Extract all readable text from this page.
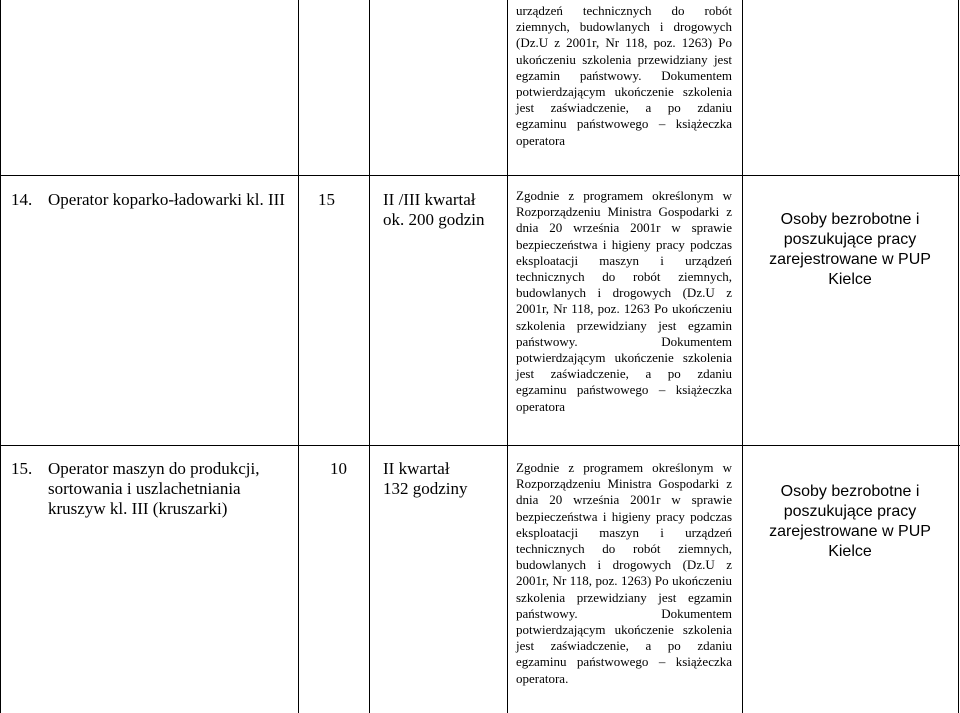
urządzeń technicznych do robót ziemnych, budowlanych i drogowych (Dz.U z 2001r, Nr 118, poz. 1263) Po ukończeniu szkolenia przewidziany jest egzamin państwowy. Dokumentem potwierdzającym ukończenie szkolenia jest zaświadczenie, a po zdaniu egzaminu państwowego – książeczka operatora
14. Operator koparko-ładowarki kl. III 15	II /III kwartał
ok. 200 godzin
Zgodnie z programem określonym w Rozporządzeniu Ministra Gospodarki z dnia 20 września 2001r w sprawie bezpieczeństwa i higieny pracy podczas eksploatacji maszyn i urządzeń technicznych do robót ziemnych, budowlanych i drogowych (Dz.U z 2001r, Nr 118, poz. 1263 Po ukończeniu szkolenia przewidziany jest egzamin państwowy. Dokumentem potwierdzającym ukończenie szkolenia jest zaświadczenie, a po zdaniu egzaminu państwowego – książeczka operatora
Osoby bezrobotne i poszukujące pracy zarejestrowane w PUP Kielce
15. Operator maszyn do produkcji, sortowania i uszlachetniania kruszyw kl. III (kruszarki)
10 II kwartał
132 godziny
Zgodnie z programem określonym w Rozporządzeniu Ministra Gospodarki z dnia 20 września 2001r w sprawie bezpieczeństwa i higieny pracy podczas eksploatacji maszyn i urządzeń technicznych do robót ziemnych, budowlanych i drogowych (Dz.U z 2001r, Nr 118, poz. 1263) Po ukończeniu szkolenia przewidziany jest egzamin państwowy. Dokumentem potwierdzającym ukończenie szkolenia jest zaświadczenie, a po zdaniu egzaminu państwowego – książeczka operatora.
Osoby bezrobotne i poszukujące pracy zarejestrowane w PUP Kielce
